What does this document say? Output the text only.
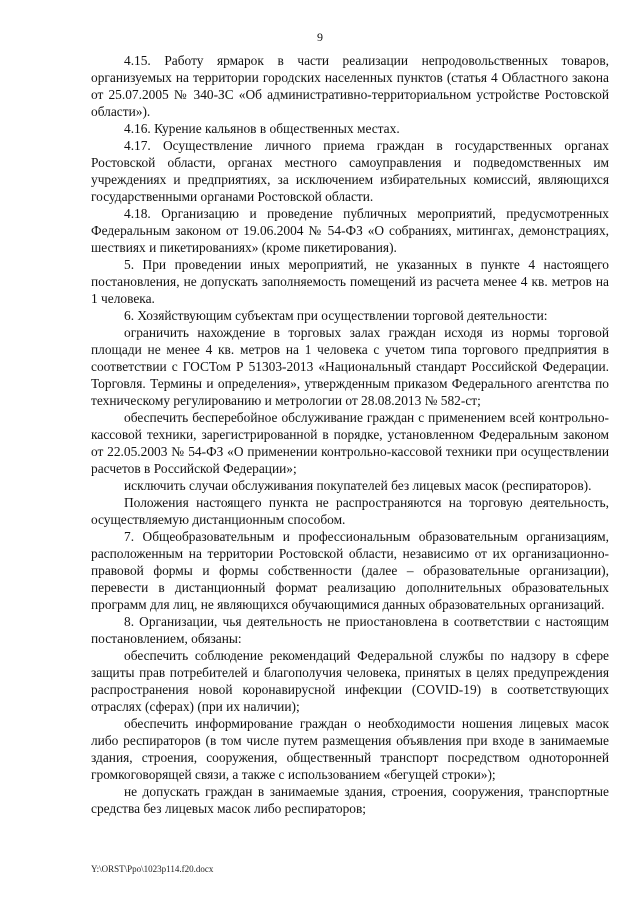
9

4.15. Работу ярмарок в части реализации непродовольственных товаров, организуемых на территории городских населенных пунктов (статья 4 Областного закона от 25.07.2005 № 340-ЗС «Об административно-территориальном устройстве Ростовской области»).

4.16. Курение кальянов в общественных местах.

4.17. Осуществление личного приема граждан в государственных органах Ростовской области, органах местного самоуправления и подведомственных им учреждениях и предприятиях, за исключением избирательных комиссий, являющихся государственными органами Ростовской области.

4.18. Организацию и проведение публичных мероприятий, предусмотренных Федеральным законом от 19.06.2004 № 54-ФЗ «О собраниях, митингах, демонстрациях, шествиях и пикетированиях» (кроме пикетирования).

5. При проведении иных мероприятий, не указанных в пункте 4 настоящего постановления, не допускать заполняемость помещений из расчета менее 4 кв. метров на 1 человека.

6. Хозяйствующим субъектам при осуществлении торговой деятельности:

ограничить нахождение в торговых залах граждан исходя из нормы торговой площади не менее 4 кв. метров на 1 человека с учетом типа торгового предприятия в соответствии с ГОСТом Р 51303-2013 «Национальный стандарт Российской Федерации. Торговля. Термины и определения», утвержденным приказом Федерального агентства по техническому регулированию и метрологии от 28.08.2013 № 582-ст;

обеспечить бесперебойное обслуживание граждан с применением всей контрольно-кассовой техники, зарегистрированной в порядке, установленном Федеральным законом от 22.05.2003 № 54-ФЗ «О применении контрольно-кассовой техники при осуществлении расчетов в Российской Федерации»;

исключить случаи обслуживания покупателей без лицевых масок (респираторов).

Положения настоящего пункта не распространяются на торговую деятельность, осуществляемую дистанционным способом.

7. Общеобразовательным и профессиональным образовательным организациям, расположенным на территории Ростовской области, независимо от их организационно-правовой формы и формы собственности (далее – образовательные организации), перевести в дистанционный формат реализацию дополнительных образовательных программ для лиц, не являющихся обучающимися данных образовательных организаций.

8. Организации, чья деятельность не приостановлена в соответствии с настоящим постановлением, обязаны:

обеспечить соблюдение рекомендаций Федеральной службы по надзору в сфере защиты прав потребителей и благополучия человека, принятых в целях предупреждения распространения новой коронавирусной инфекции (COVID-19) в соответствующих отраслях (сферах) (при их наличии);

обеспечить информирование граждан о необходимости ношения лицевых масок либо респираторов (в том числе путем размещения объявления при входе в занимаемые здания, строения, сооружения, общественный транспорт посредством одноторонней громкоговорящей связи, а также с использованием «бегущей строки»);

не допускать граждан в занимаемые здания, строения, сооружения, транспортные средства без лицевых масок либо респираторов;

Y:\ORST\Ppo\1023p114.f20.docx
